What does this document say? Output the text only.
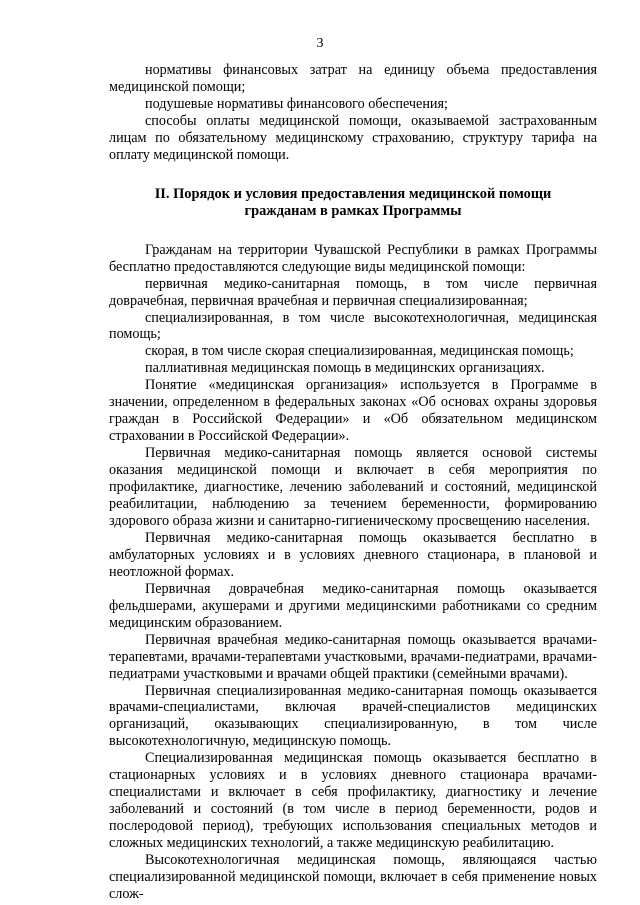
3

нормативы финансовых затрат на единицу объема предоставления медицинской помощи;

подушевые нормативы финансового обеспечения;

способы оплаты медицинской помощи, оказываемой застрахованным лицам по обязательному медицинскому страхованию, структуру тарифа на оплату медицинской помощи.

II. Порядок и условия предоставления медицинской помощи
гражданам в рамках Программы

Гражданам на территории Чувашской Республики в рамках Программы бесплатно предоставляются следующие виды медицинской помощи:

первичная медико-санитарная помощь, в том числе первичная доврачебная, первичная врачебная и первичная специализированная;

специализированная, в том числе высокотехнологичная, медицинская помощь;

скорая, в том числе скорая специализированная, медицинская помощь;

паллиативная медицинская помощь в медицинских организациях.

Понятие «медицинская организация» используется в Программе в значении, определенном в федеральных законах «Об основах охраны здоровья граждан в Российской Федерации» и «Об обязательном медицинском страховании в Российской Федерации».

Первичная медико-санитарная помощь является основой системы оказания медицинской помощи и включает в себя мероприятия по профилактике, диагностике, лечению заболеваний и состояний, медицинской реабилитации, наблюдению за течением беременности, формированию здорового образа жизни и санитарно-гигиеническому просвещению населения.

Первичная медико-санитарная помощь оказывается бесплатно в амбулаторных условиях и в условиях дневного стационара, в плановой и неотложной формах.

Первичная доврачебная медико-санитарная помощь оказывается фельдшерами, акушерами и другими медицинскими работниками со средним медицинским образованием.

Первичная врачебная медико-санитарная помощь оказывается врачами-терапевтами, врачами-терапевтами участковыми, врачами-педиатрами, врачами-педиатрами участковыми и врачами общей практики (семейными врачами).

Первичная специализированная медико-санитарная помощь оказывается врачами-специалистами, включая врачей-специалистов медицинских организаций, оказывающих специализированную, в том числе высокотехнологичную, медицинскую помощь.

Специализированная медицинская помощь оказывается бесплатно в стационарных условиях и в условиях дневного стационара врачами-специалистами и включает в себя профилактику, диагностику и лечение заболеваний и состояний (в том числе в период беременности, родов и послеродовой период), требующих использования специальных методов и сложных медицинских технологий, а также медицинскую реабилитацию.

Высокотехнологичная медицинская помощь, являющаяся частью специализированной медицинской помощи, включает в себя применение новых слож-
